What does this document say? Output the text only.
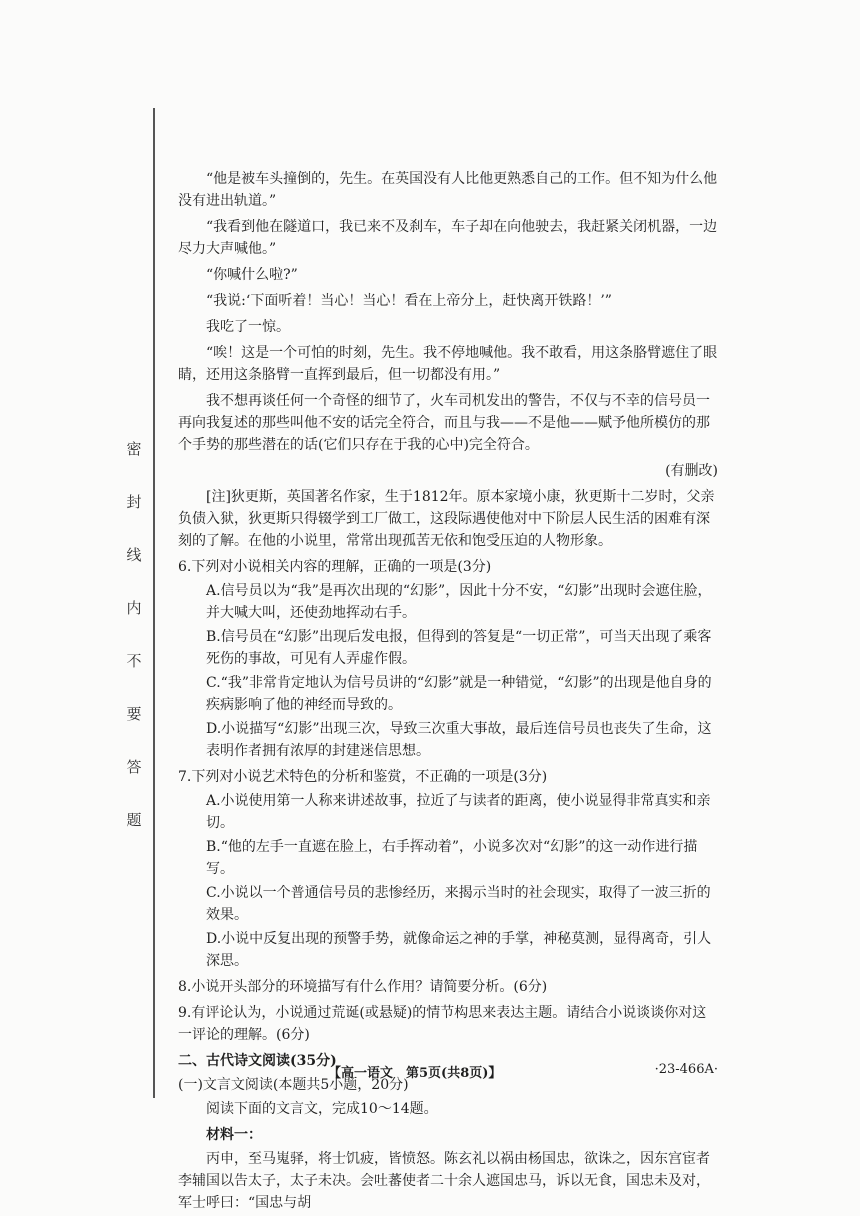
密
封
线
内
不
要
答
题

“他是被车头撞倒的，先生。在英国没有人比他更熟悉自己的工作。但不知为什么他没有进出轨道。”

“我看到他在隧道口，我已来不及刹车，车子却在向他驶去，我赶紧关闭机器，一边尽力大声喊他。”

“你喊什么啦?”

“我说:‘下面听着！当心！当心！看在上帝分上，赶快离开铁路！’”

我吃了一惊。

“唉！这是一个可怕的时刻，先生。我不停地喊他。我不敢看，用这条胳臂遮住了眼睛，还用这条胳臂一直挥到最后，但一切都没有用。”

我不想再谈任何一个奇怪的细节了，火车司机发出的警告，不仅与不幸的信号员一再向我复述的那些叫他不安的话完全符合，而且与我——不是他——赋予他所模仿的那个手势的那些潜在的话(它们只存在于我的心中)完全符合。

(有删改)

[注]狄更斯，英国著名作家，生于1812年。原本家境小康，狄更斯十二岁时，父亲负债入狱，狄更斯只得辍学到工厂做工，这段际遇使他对中下阶层人民生活的困难有深刻的了解。在他的小说里，常常出现孤苦无依和饱受压迫的人物形象。

6.下列对小说相关内容的理解，正确的一项是(3分)

A.信号员以为“我”是再次出现的“幻影”，因此十分不安，“幻影”出现时会遮住脸，并大喊大叫，还使劲地挥动右手。

B.信号员在“幻影”出现后发电报，但得到的答复是“一切正常”，可当天出现了乘客死伤的事故，可见有人弄虚作假。

C.“我”非常肯定地认为信号员讲的“幻影”就是一种错觉，“幻影”的出现是他自身的疾病影响了他的神经而导致的。

D.小说描写“幻影”出现三次，导致三次重大事故，最后连信号员也丧失了生命，这表明作者拥有浓厚的封建迷信思想。

7.下列对小说艺术特色的分析和鉴赏，不正确的一项是(3分)

A.小说使用第一人称来讲述故事，拉近了与读者的距离，使小说显得非常真实和亲切。

B.“他的左手一直遮在脸上，右手挥动着”，小说多次对“幻影”的这一动作进行描写。

C.小说以一个普通信号员的悲惨经历，来揭示当时的社会现实，取得了一波三折的效果。

D.小说中反复出现的预警手势，就像命运之神的手掌，神秘莫测，显得离奇，引人深思。

8.小说开头部分的环境描写有什么作用？请简要分析。(6分)

9.有评论认为，小说通过荒诞(或悬疑)的情节构思来表达主题。请结合小说谈谈你对这一评论的理解。(6分)

二、古代诗文阅读(35分)

(一)文言文阅读(本题共5小题，20分)

阅读下面的文言文，完成10～14题。

材料一：

丙申，至马嵬驿，将士饥疲，皆愤怒。陈玄礼以祸由杨国忠，欲诛之，因东宫宦者李辅国以告太子，太子未决。会吐蕃使者二十余人遮国忠马，诉以无食，国忠未及对，军士呼曰：“国忠与胡

【高一语文　第5页(共8页)】	·23-466A·
